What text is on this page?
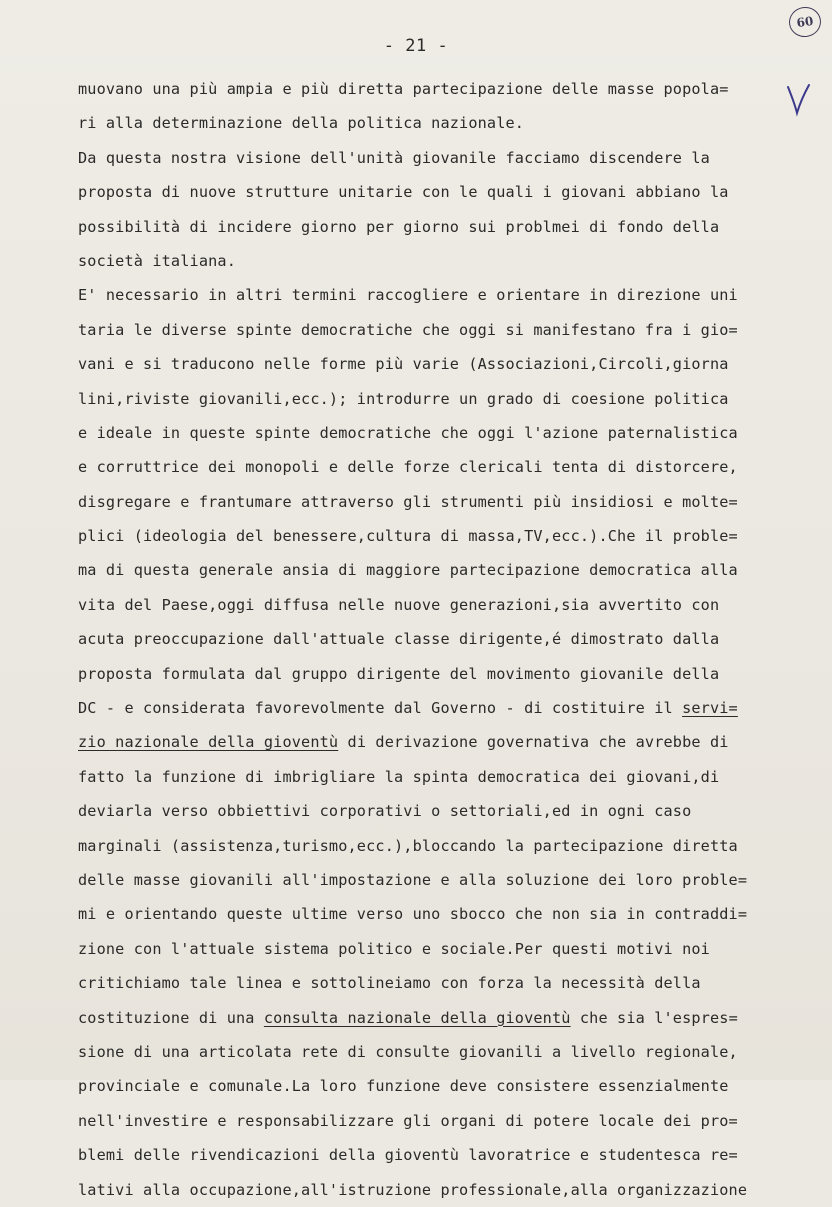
- 21 -
60
muovano una più ampia e più diretta partecipazione delle masse popola=
ri alla determinazione della politica nazionale.
Da questa nostra visione dell'unità giovanile facciamo discendere la
proposta di nuove strutture unitarie con le quali i giovani abbiano la
possibilità di incidere giorno per giorno sui problmei di fondo della
società italiana.
E' necessario in altri termini raccogliere e orientare in direzione uni
taria le diverse spinte democratiche che oggi si manifestano fra i gio=
vani e si traducono nelle forme più varie (Associazioni,Circoli,giorna
lini,riviste giovanili,ecc.); introdurre un grado di coesione politica
e ideale in queste spinte democratiche che oggi l'azione paternalistica
e corruttrice dei monopoli e delle forze clericali tenta di distorcere,
disgregare e frantumare attraverso gli strumenti più insidiosi e molte=
plici (ideologia del benessere,cultura di massa,TV,ecc.).Che il proble=
ma di questa generale ansia di maggiore partecipazione democratica alla
vita del Paese,oggi diffusa nelle nuove generazioni,sia avvertito con
acuta preoccupazione dall'attuale classe dirigente,é dimostrato dalla
proposta formulata dal gruppo dirigente del movimento giovanile della
DC - e considerata favorevolmente dal Governo - di costituire il servi=
zio nazionale della gioventù di derivazione governativa che avrebbe di
fatto la funzione di imbrigliare la spinta democratica dei giovani,di
deviarla verso obbiettivi corporativi o settoriali,ed in ogni caso
marginali (assistenza,turismo,ecc.),bloccando la partecipazione diretta
delle masse giovanili all'impostazione e alla soluzione dei loro proble=
mi e orientando queste ultime verso uno sbocco che non sia in contraddi=
zione con l'attuale sistema politico e sociale.Per questi motivi noi
critichiamo tale linea e sottolineiamo con forza la necessità della
costituzione di una consulta nazionale della gioventù che sia l'espres=
sione di una articolata rete di consulte giovanili a livello regionale,
provinciale e comunale.La loro funzione deve consistere essenzialmente
nell'investire e responsabilizzare gli organi di potere locale dei pro=
blemi delle rivendicazioni della gioventù lavoratrice e studentesca re=
lativi alla occupazione,all'istruzione professionale,alla organizzazione
